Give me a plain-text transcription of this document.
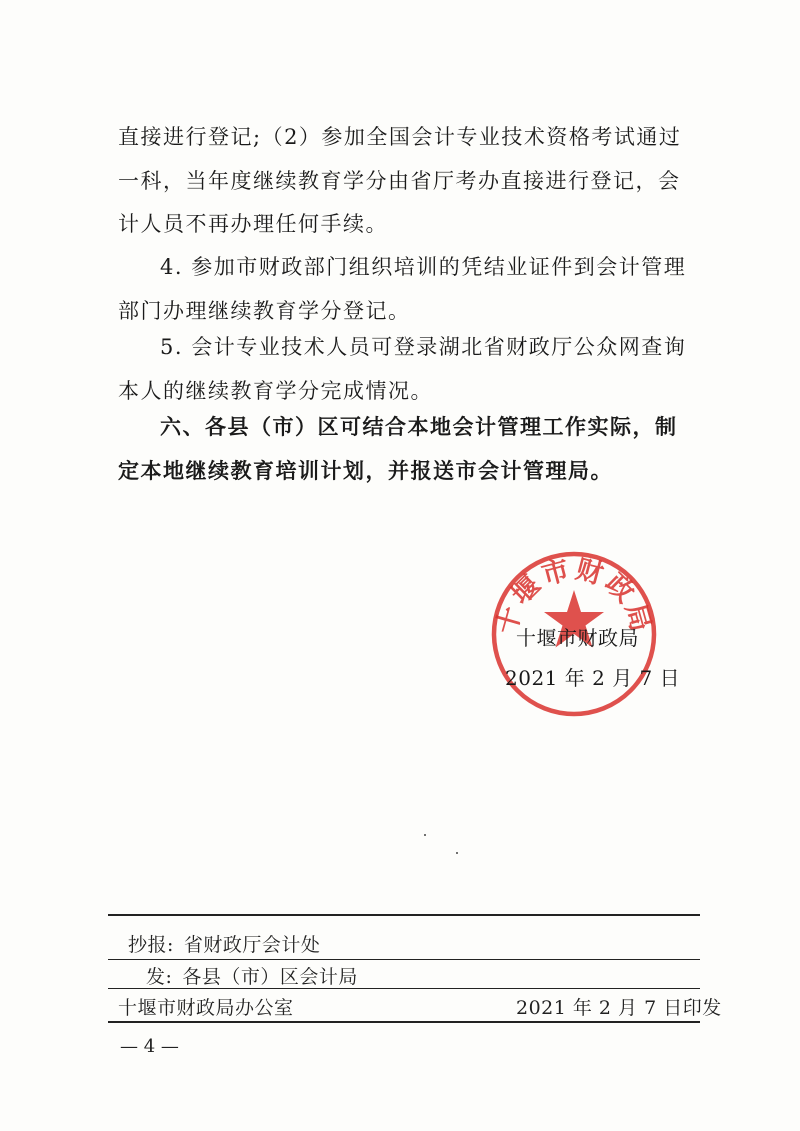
直接进行登记;（2）参加全国会计专业技术资格考试通过一科，当年度继续教育学分由省厅考办直接进行登记，会计人员不再办理任何手续。

4. 参加市财政部门组织培训的凭结业证件到会计管理部门办理继续教育学分登记。

5. 会计专业技术人员可登录湖北省财政厅公众网查询本人的继续教育学分完成情况。

六、各县（市）区可结合本地会计管理工作实际，制定本地继续教育培训计划，并报送市会计管理局。

十堰市财政局
十堰市财政局
2021 年 2 月 7 日
抄报: 省财政厅会计处
发: 各县（市）区会计局
十堰市财政局办公室	2021 年 2 月 7 日印发
— 4 —
